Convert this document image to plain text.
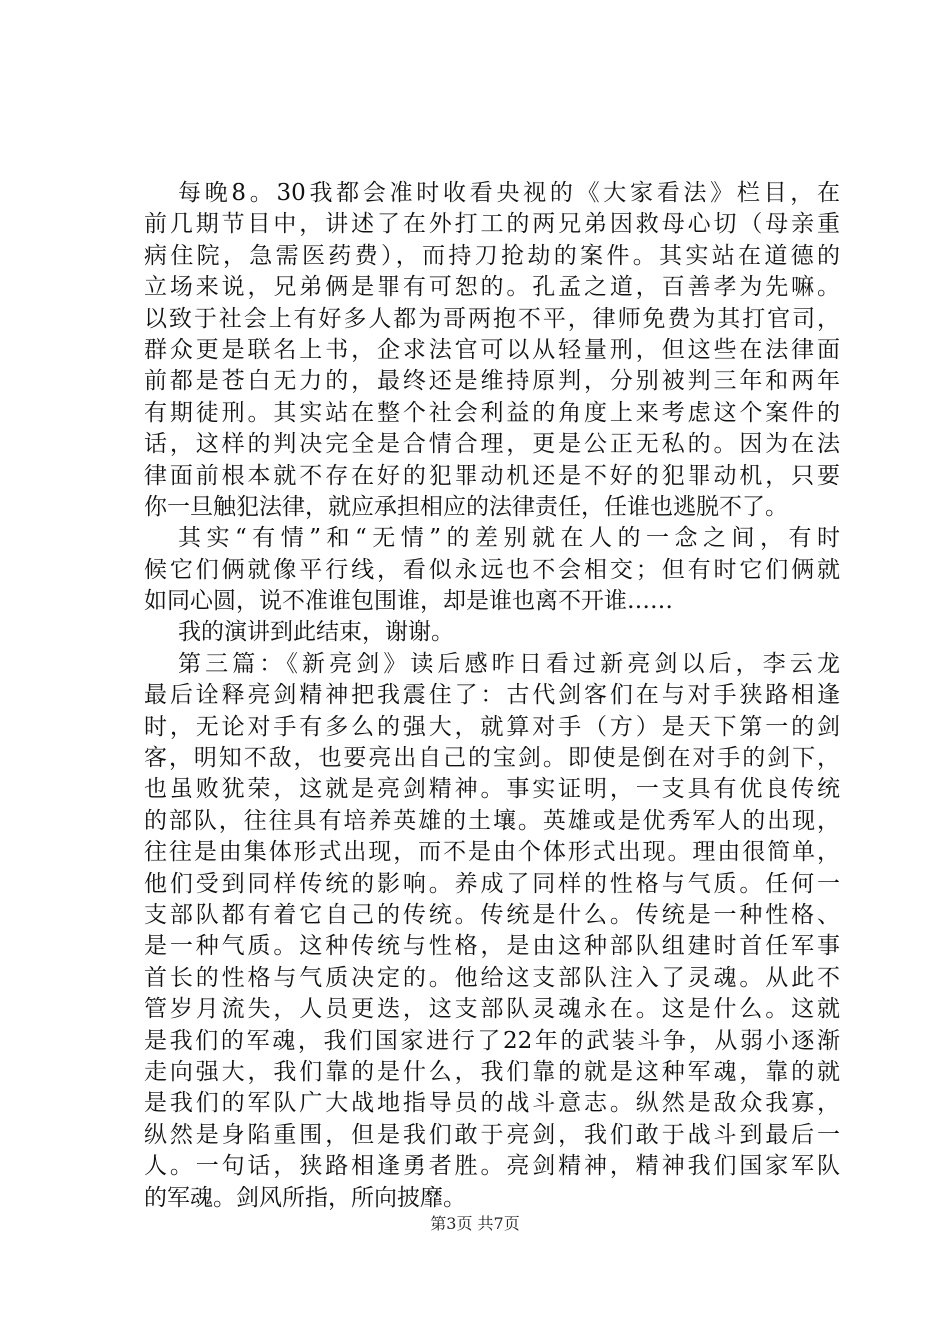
每晚8。30我都会准时收看央视的《大家看法》栏目，在
前几期节目中，讲述了在外打工的两兄弟因救母心切（母亲重
病住院，急需医药费），而持刀抢劫的案件。其实站在道德的
立场来说，兄弟俩是罪有可恕的。孔孟之道，百善孝为先嘛。
以致于社会上有好多人都为哥两抱不平，律师免费为其打官司，
群众更是联名上书，企求法官可以从轻量刑，但这些在法律面
前都是苍白无力的，最终还是维持原判，分别被判三年和两年
有期徒刑。其实站在整个社会利益的角度上来考虑这个案件的
话，这样的判决完全是合情合理，更是公正无私的。因为在法
律面前根本就不存在好的犯罪动机还是不好的犯罪动机，只要
你一旦触犯法律，就应承担相应的法律责任，任谁也逃脱不了。
其实“有情”和“无情”的差别就在人的一念之间，有时
候它们俩就像平行线，看似永远也不会相交；但有时它们俩就
如同心圆，说不准谁包围谁，却是谁也离不开谁……
我的演讲到此结束，谢谢。
第三篇：《新亮剑》读后感昨日看过新亮剑以后，李云龙
最后诠释亮剑精神把我震住了：古代剑客们在与对手狭路相逢
时，无论对手有多么的强大，就算对手（方）是天下第一的剑
客，明知不敌，也要亮出自己的宝剑。即使是倒在对手的剑下，
也虽败犹荣，这就是亮剑精神。事实证明，一支具有优良传统
的部队，往往具有培养英雄的土壤。英雄或是优秀军人的出现，
往往是由集体形式出现，而不是由个体形式出现。理由很简单，
他们受到同样传统的影响。养成了同样的性格与气质。任何一
支部队都有着它自己的传统。传统是什么。传统是一种性格、
是一种气质。这种传统与性格，是由这种部队组建时首任军事
首长的性格与气质决定的。他给这支部队注入了灵魂。从此不
管岁月流失，人员更迭，这支部队灵魂永在。这是什么。这就
是我们的军魂，我们国家进行了22年的武装斗争，从弱小逐渐
走向强大，我们靠的是什么，我们靠的就是这种军魂，靠的就
是我们的军队广大战地指导员的战斗意志。纵然是敌众我寡，
纵然是身陷重围，但是我们敢于亮剑，我们敢于战斗到最后一
人。一句话，狭路相逢勇者胜。亮剑精神，精神我们国家军队
的军魂。剑风所指，所向披靡。
第3页 共7页
